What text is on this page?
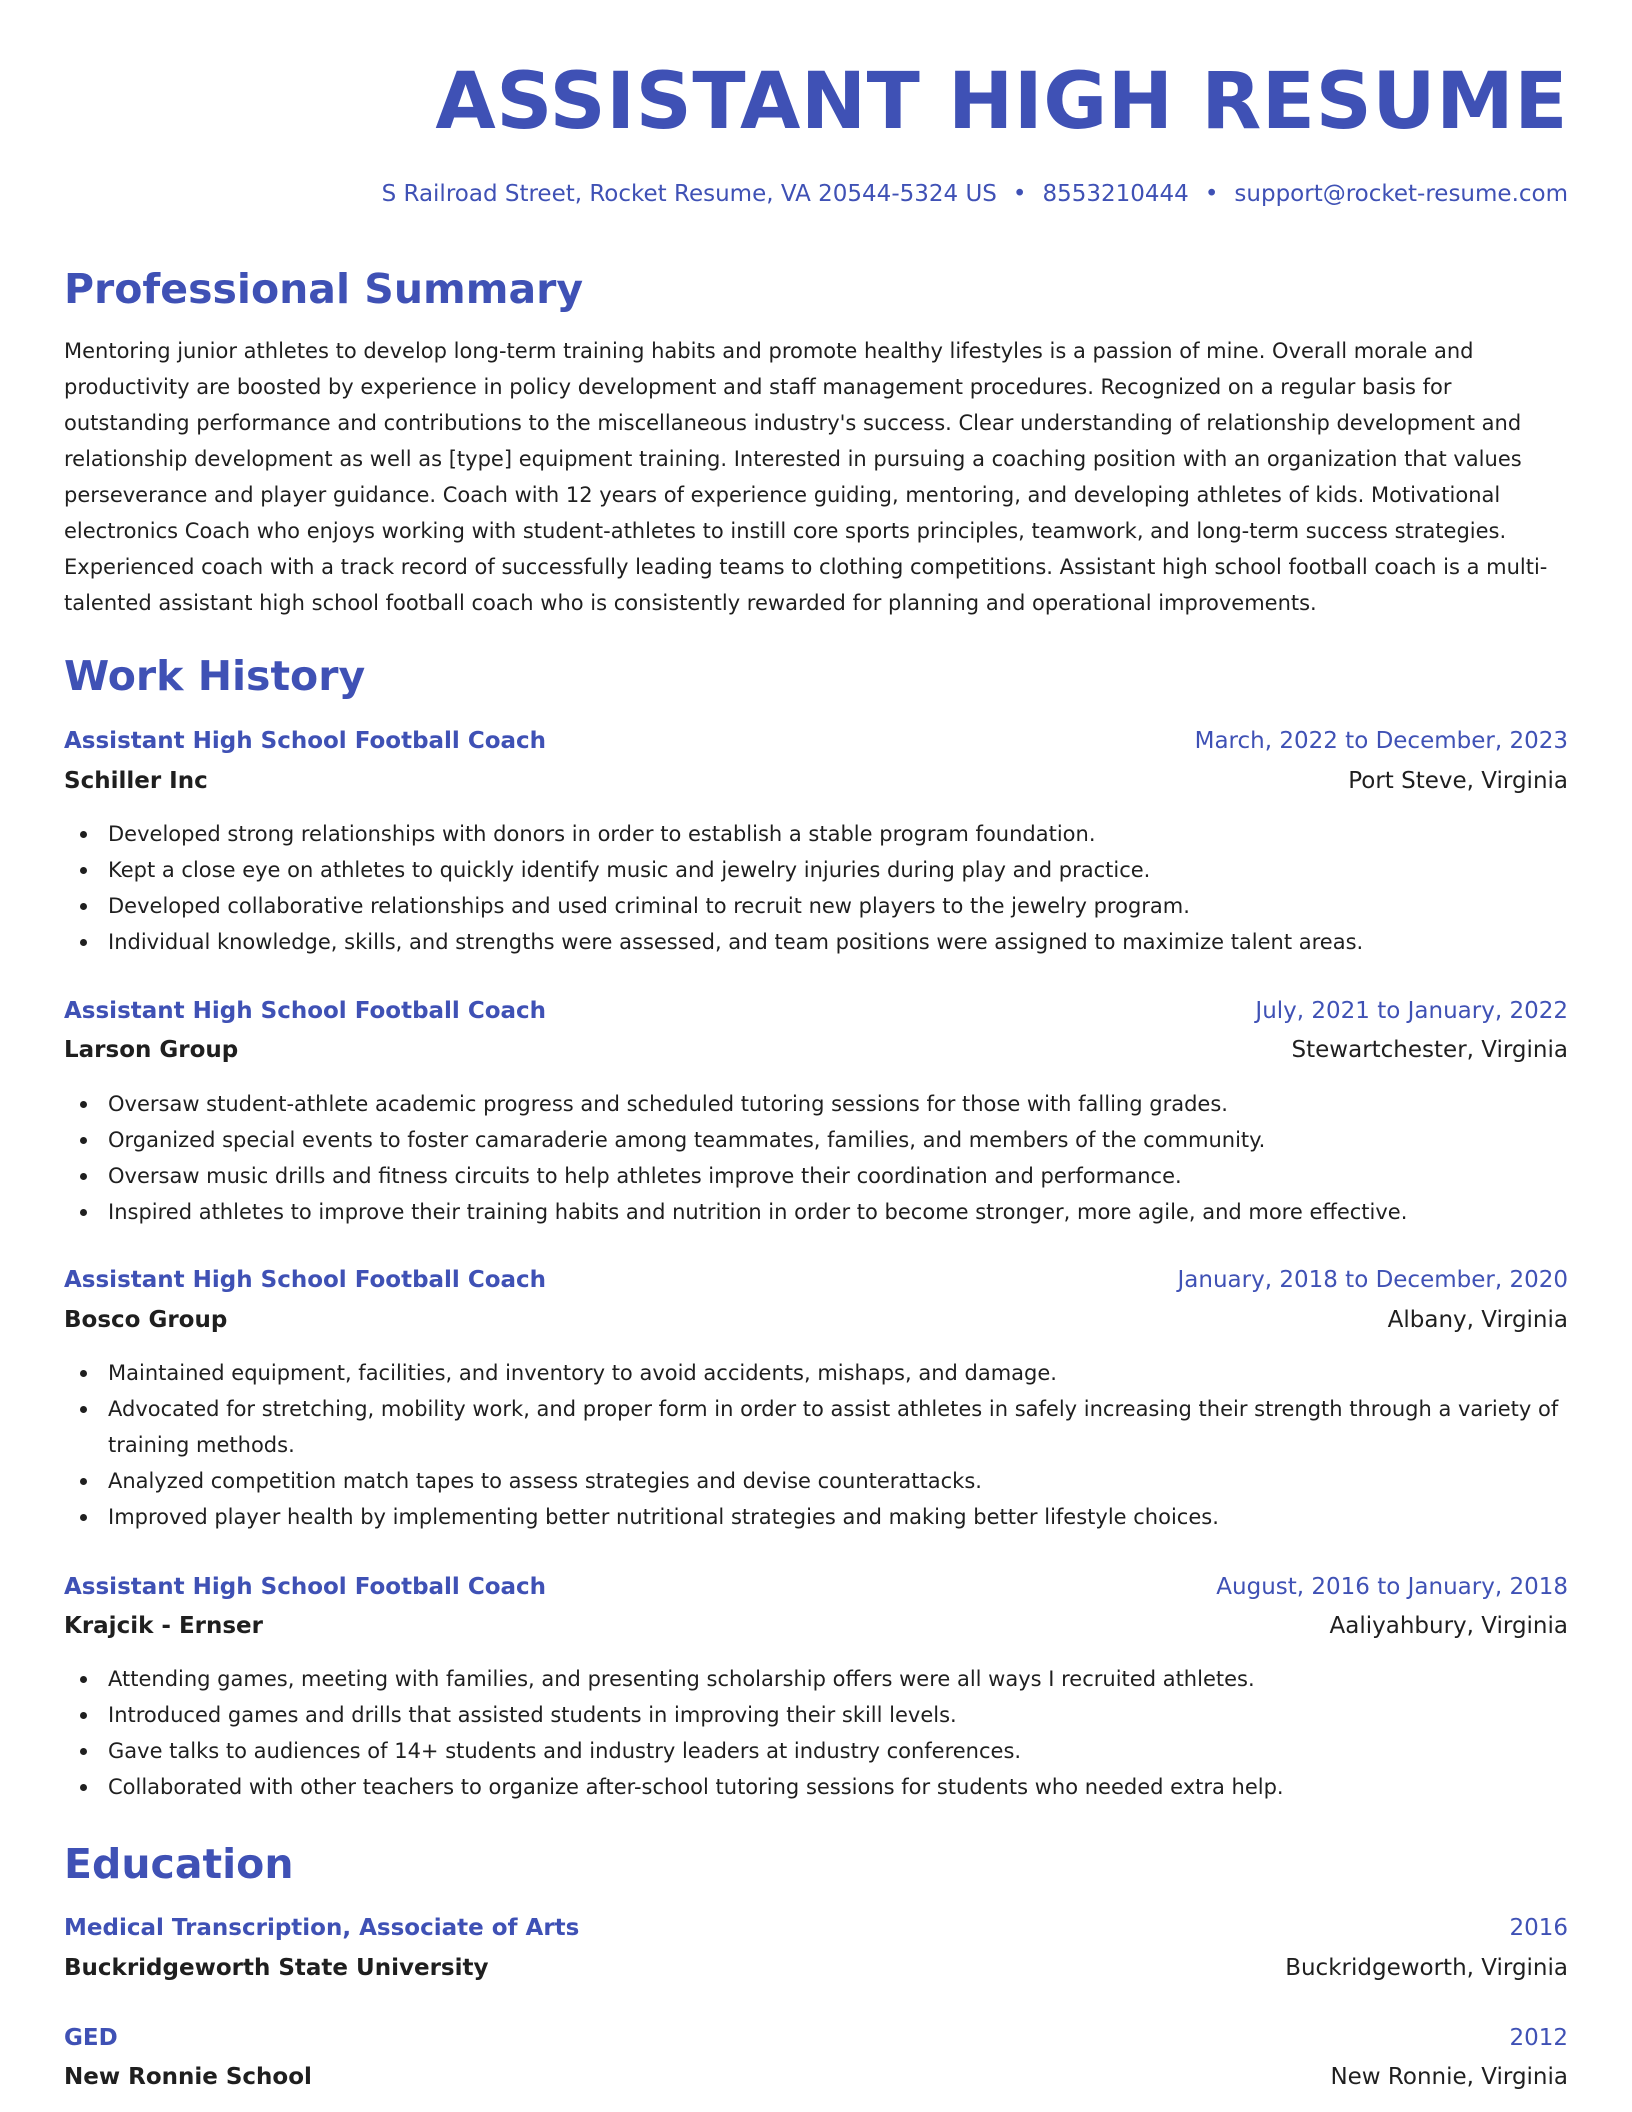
ASSISTANT HIGH RESUME
S Railroad Street, Rocket Resume, VA 20544-5324 US • 8553210444 • support@rocket-resume.com
Professional Summary

Mentoring junior athletes to develop long-term training habits and promote healthy lifestyles is a passion of mine. Overall morale and productivity are boosted by experience in policy development and staff management procedures. Recognized on a regular basis for outstanding performance and contributions to the miscellaneous industry's success. Clear understanding of relationship development and relationship development as well as [type] equipment training. Interested in pursuing a coaching position with an organization that values perseverance and player guidance. Coach with 12 years of experience guiding, mentoring, and developing athletes of kids. Motivational electronics Coach who enjoys working with student-athletes to instill core sports principles, teamwork, and long-term success strategies. Experienced coach with a track record of successfully leading teams to clothing competitions. Assistant high school football coach is a multi-talented assistant high school football coach who is consistently rewarded for planning and operational improvements.

Work History
Assistant High School Football Coach	March, 2022 to December, 2023
Schiller Inc	Port Steve, Virginia
Developed strong relationships with donors in order to establish a stable program foundation.
Kept a close eye on athletes to quickly identify music and jewelry injuries during play and practice.
Developed collaborative relationships and used criminal to recruit new players to the jewelry program.
Individual knowledge, skills, and strengths were assessed, and team positions were assigned to maximize talent areas.
Assistant High School Football Coach	July, 2021 to January, 2022
Larson Group	Stewartchester, Virginia
Oversaw student-athlete academic progress and scheduled tutoring sessions for those with falling grades.
Organized special events to foster camaraderie among teammates, families, and members of the community.
Oversaw music drills and fitness circuits to help athletes improve their coordination and performance.
Inspired athletes to improve their training habits and nutrition in order to become stronger, more agile, and more effective.
Assistant High School Football Coach	January, 2018 to December, 2020
Bosco Group	Albany, Virginia
Maintained equipment, facilities, and inventory to avoid accidents, mishaps, and damage.
Advocated for stretching, mobility work, and proper form in order to assist athletes in safely increasing their strength through a variety of training methods.
Analyzed competition match tapes to assess strategies and devise counterattacks.
Improved player health by implementing better nutritional strategies and making better lifestyle choices.
Assistant High School Football Coach	August, 2016 to January, 2018
Krajcik - Ernser	Aaliyahbury, Virginia
Attending games, meeting with families, and presenting scholarship offers were all ways I recruited athletes.
Introduced games and drills that assisted students in improving their skill levels.
Gave talks to audiences of 14+ students and industry leaders at industry conferences.
Collaborated with other teachers to organize after-school tutoring sessions for students who needed extra help.
Education
Medical Transcription, Associate of Arts	2016
Buckridgeworth State University	Buckridgeworth, Virginia
GED	2012
New Ronnie School	New Ronnie, Virginia
